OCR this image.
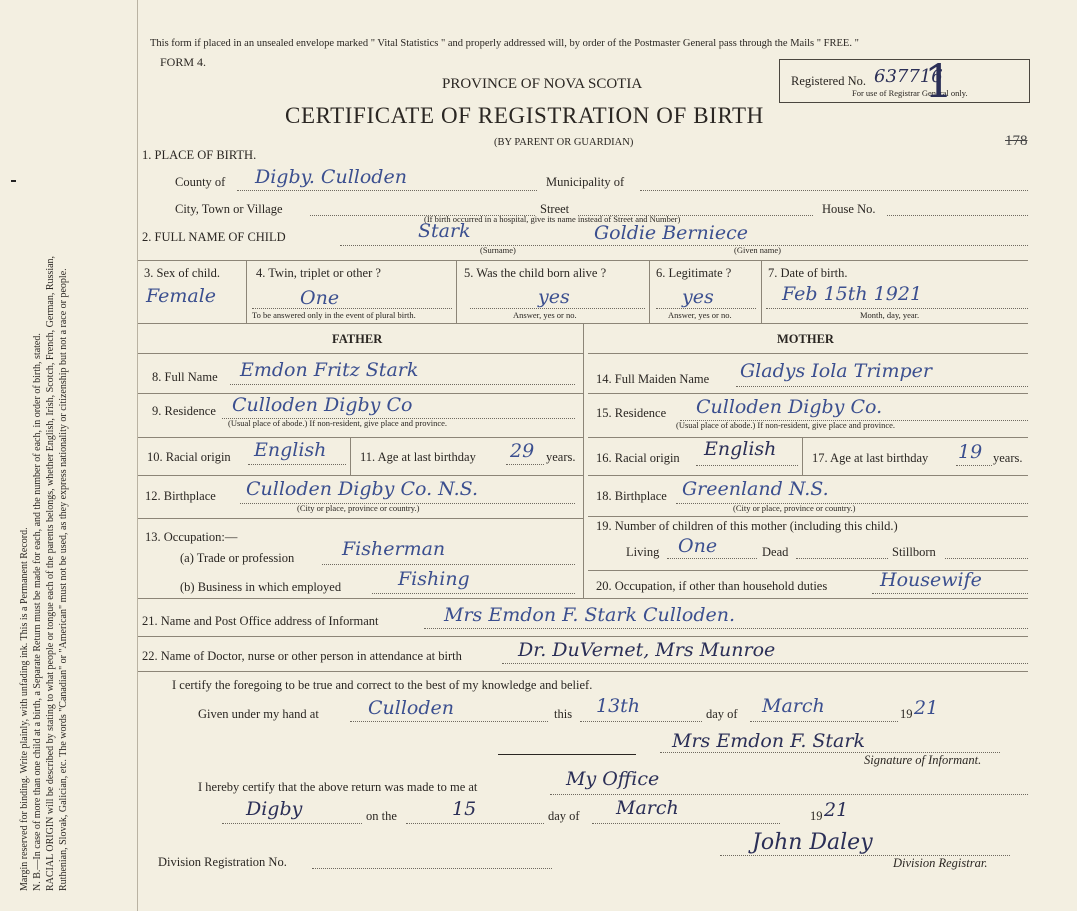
Margin reserved for binding. Write plainly, with unfading ink. This is a Permanent Record. N. B.—In case of more than one child at a birth, a Separate Return must be made for each, and the number of each, in order of birth, stated. RACIAL ORIGIN will be described by stating to what people or tongue each of the parents belongs, whether English, Irish, Scotch, French, German, Russian, Ruthenian, Slovak, Galician, etc. The words "Canadian" or "American" must not be used, as they express nationality or citizenship but not a race or people.
This form if placed in an unsealed envelope marked " Vital Statistics " and properly addressed will, by order of the Postmaster General pass through the Mails " FREE. "
FORM 4.
PROVINCE OF NOVA SCOTIA
CERTIFICATE OF REGISTRATION OF BIRTH
(BY PARENT OR GUARDIAN)
Registered No. 637716
For use of Registrar General only.
1
178
1. PLACE OF BIRTH.
County of Digby. Culloden	Municipality of
City, Town or Village	Street	House No.
(If birth occurred in a hospital, give its name instead of Street and Number)
2. FULL NAME OF CHILD	Stark	Goldie Berniece
(Surname)	(Given name)
3. Sex of child.
Female
4. Twin, triplet or other ?
One
To be answered only in the event of plural birth.
5. Was the child born alive ?
yes
Answer, yes or no.
6. Legitimate ?
yes
Answer, yes or no.
7. Date of birth.
Feb 15th 1921
Month, day, year.
FATHER	MOTHER
8. Full Name Emdon Fritz Stark
9. Residence Culloden Digby Co
(Usual place of abode.) If non-resident, give place and province.
10. Racial origin English	11. Age at last birthday 29 years.
12. Birthplace Culloden Digby Co. N.S.
(City or place, province or country.)
13. Occupation:—
(a) Trade or profession	Fisherman
(b) Business in which employed	Fishing
14. Full Maiden Name Gladys Iola Trimper
15. Residence Culloden Digby Co.
(Usual place of abode.) If non-resident, give place and province.
16. Racial origin English	17. Age at last birthday 19 years.
18. Birthplace Greenland N.S.
(City or place, province or country.)
19. Number of children of this mother (including this child.)
Living One	Dead	Stillborn
20. Occupation, if other than household duties	Housewife
21. Name and Post Office address of Informant	Mrs Emdon F. Stark Culloden.
22. Name of Doctor, nurse or other person in attendance at birth	Dr. DuVernet, Mrs Munroe
I certify the foregoing to be true and correct to the best of my knowledge and belief.
Given under my hand at	Culloden	this 13th	day of March	19 21
Mrs Emdon F. Stark
Signature of Informant.
I hereby certify that the above return was made to me at	My Office
Digby	on the	15	day of March	19 21
Division Registration No.
John Daley
Division Registrar.
